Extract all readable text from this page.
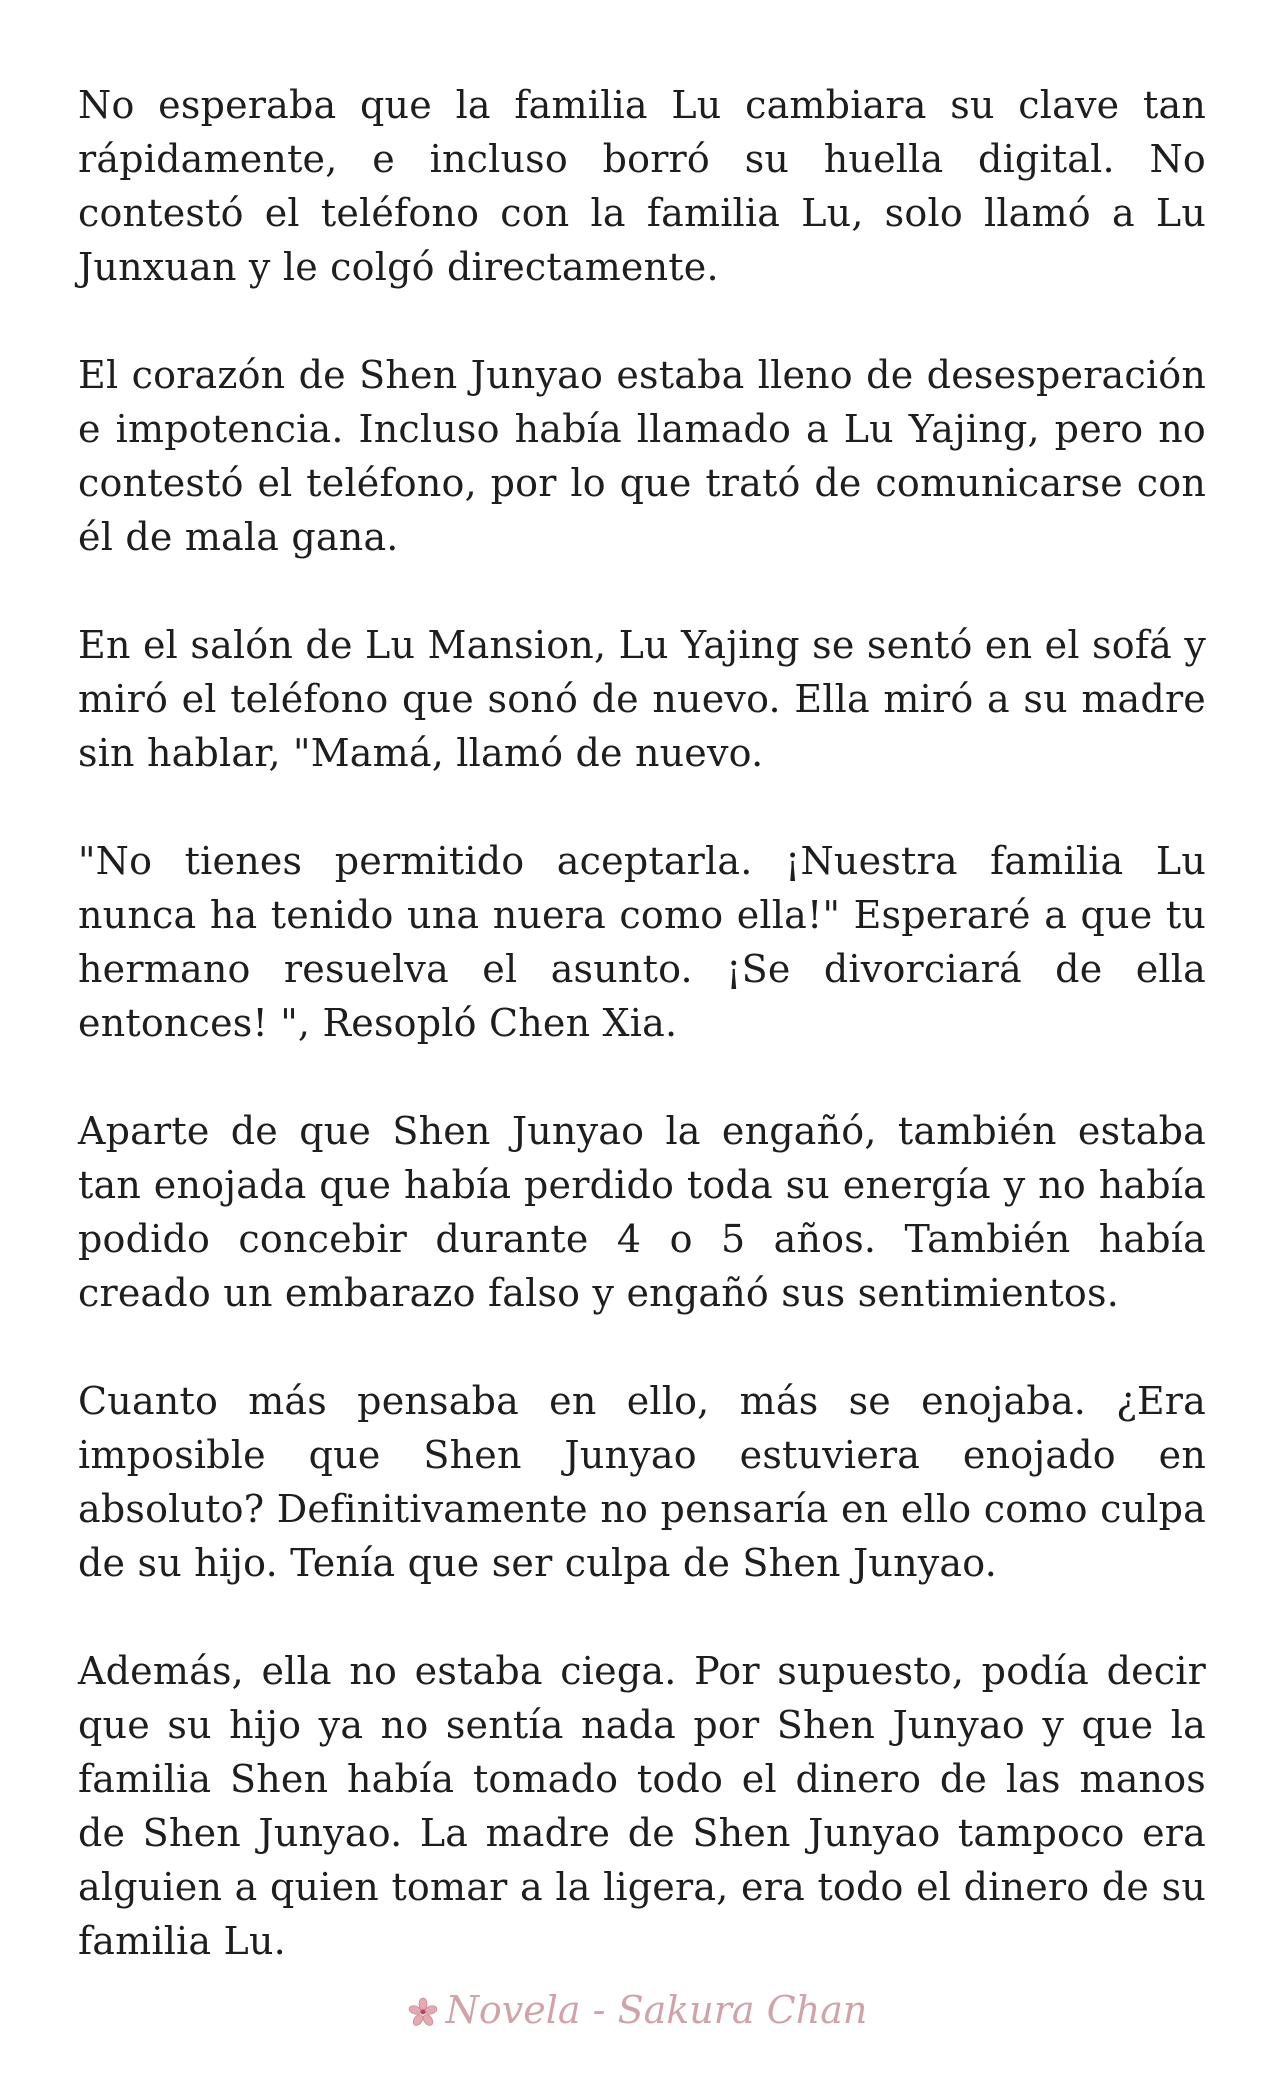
No esperaba que la familia Lu cambiara su clave tan rápidamente, e incluso borró su huella digital. No contestó el teléfono con la familia Lu, solo llamó a Lu Junxuan y le colgó directamente.

El corazón de Shen Junyao estaba lleno de desesperación e impotencia. Incluso había llamado a Lu Yajing, pero no contestó el teléfono, por lo que trató de comunicarse con él de mala gana.

En el salón de Lu Mansion, Lu Yajing se sentó en el sofá y miró el teléfono que sonó de nuevo. Ella miró a su madre sin hablar, "Mamá, llamó de nuevo.

"No tienes permitido aceptarla. ¡Nuestra familia Lu nunca ha tenido una nuera como ella!" Esperaré a que tu hermano resuelva el asunto. ¡Se divorciará de ella entonces! ", Resopló Chen Xia.

Aparte de que Shen Junyao la engañó, también estaba tan enojada que había perdido toda su energía y no había podido concebir durante 4 o 5 años. También había creado un embarazo falso y engañó sus sentimientos.

Cuanto más pensaba en ello, más se enojaba. ¿Era imposible que Shen Junyao estuviera enojado en absoluto? Definitivamente no pensaría en ello como culpa de su hijo. Tenía que ser culpa de Shen Junyao.

Además, ella no estaba ciega. Por supuesto, podía decir que su hijo ya no sentía nada por Shen Junyao y que la familia Shen había tomado todo el dinero de las manos de Shen Junyao. La madre de Shen Junyao tampoco era alguien a quien tomar a la ligera, era todo el dinero de su familia Lu.

Novela - Sakura Chan
